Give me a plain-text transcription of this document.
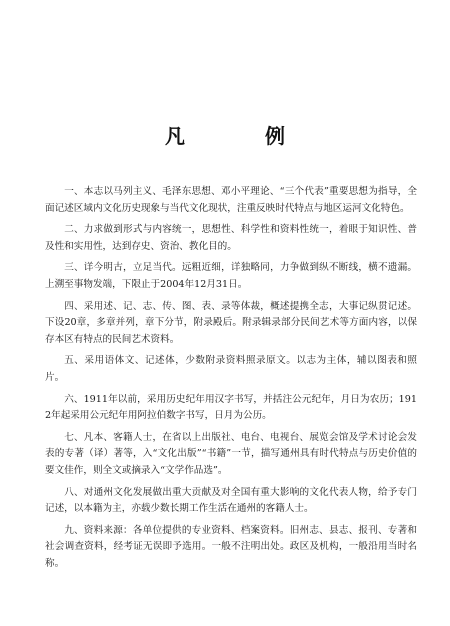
凡　例

一、本志以马列主义、毛泽东思想、邓小平理论、“三个代表”重要思想为指导，全面记述区域内文化历史现象与当代文化现状，注重反映时代特点与地区运河文化特色。

二、力求做到形式与内容统一，思想性、科学性和资料性统一，着眼于知识性、普及性和实用性，达到存史、资治、教化目的。

三、详今明古，立足当代。远粗近细，详独略同，力争做到纵不断线，横不遗漏。上溯至事物发端，下限止于2004年12月31日。

四、采用述、记、志、传、图、表、录等体裁，概述提携全志，大事记纵贯记述。下设20章，多章并列，章下分节，附录殿后。附录辑录部分民间艺术等方面内容，以保存本区有特点的民间艺术资料。

五、采用语体文、记述体，少数附录资料照录原文。以志为主体，辅以图表和照片。

六、1911年以前，采用历史纪年用汉字书写，并括注公元纪年，月日为农历；1912年起采用公元纪年用阿拉伯数字书写，日月为公历。

七、凡本、客籍人士，在省以上出版社、电台、电视台、展览会馆及学术讨论会发表的专著（译）著等，入“文化出版”“书籍”一节，描写通州具有时代特点与历史价值的要文佳作，则全文或摘录入“文学作品选”。

八、对通州文化发展做出重大贡献及对全国有重大影响的文化代表人物，给予专门记述，以本籍为主，亦载少数长期工作生活在通州的客籍人士。

九、资料来源：各单位提供的专业资料、档案资料。旧州志、县志、报刊、专著和社会调查资料，经考证无误即予选用。一般不注明出处。政区及机构，一般沿用当时名称。
